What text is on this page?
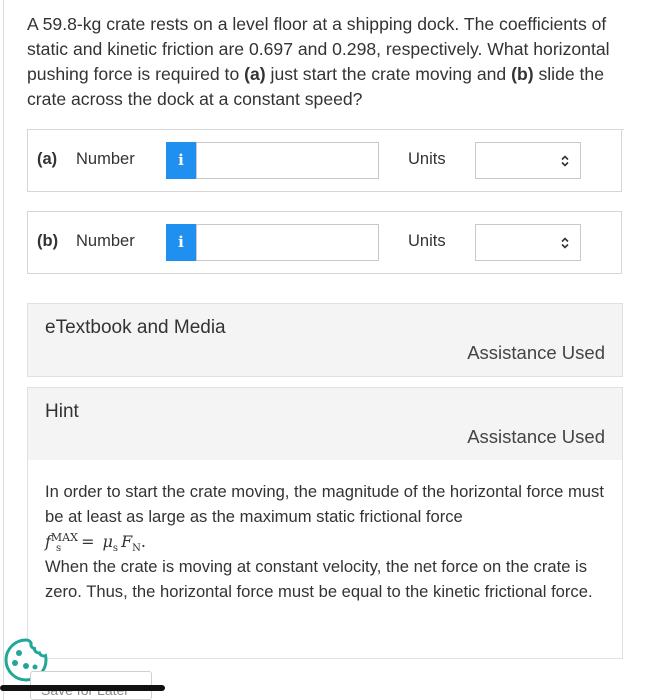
A 59.8-kg crate rests on a level floor at a shipping dock. The coefficients of static and kinetic friction are 0.697 and 0.298, respectively. What horizontal pushing force is required to (a) just start the crate moving and (b) slide the crate across the dock at a constant speed?

(a) Number	i	Units
(b) Number	i	Units
eTextbook and Media
Assistance Used
Hint
Assistance Used
In order to start the crate moving, the magnitude of the horizontal force must be at least as large as the maximum static frictional force
$f^{MAX}_s = \mu_s$ $F_N$.
When the crate is moving at constant velocity, the net force on the crate is zero. Thus, the horizontal force must be equal to the kinetic frictional force.
